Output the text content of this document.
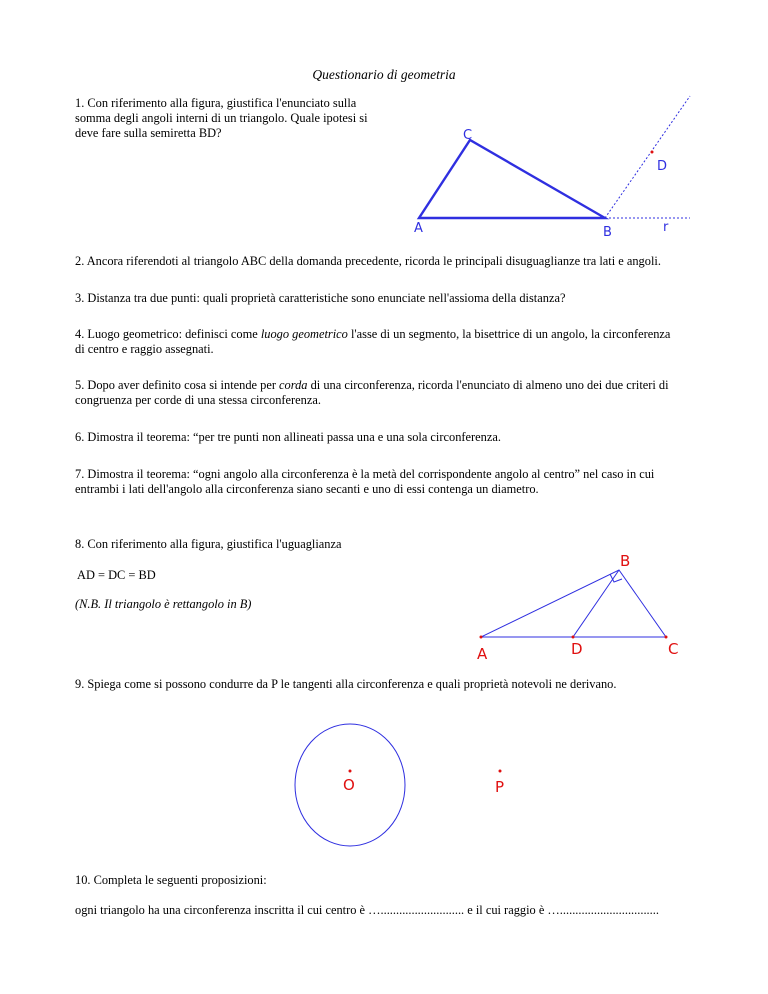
Questionario di geometria

1. Con riferimento alla figura, giustifica l'enunciato sulla

somma degli angoli interni di un triangolo. Quale ipotesi si

deve fare sulla semiretta BD?	C
D
A	B	r

2. Ancora riferendoti al triangolo ABC della domanda precedente, ricorda le principali disuguaglianze tra lati e angoli.

3. Distanza tra due punti: quali proprietà caratteristiche sono enunciate nell'assioma della distanza?

4. Luogo geometrico: definisci come luogo geometrico l'asse di un segmento, la bisettrice di un angolo, la circonferenza

di centro e raggio assegnati.

5. Dopo aver definito cosa si intende per corda di una circonferenza, ricorda l'enunciato di almeno uno dei due criteri di

congruenza per corde di una stessa circonferenza.

6. Dimostra il teorema: “per tre punti non allineati passa una e una sola circonferenza.

7. Dimostra il teorema: “ogni angolo alla circonferenza è la metà del corrispondente angolo al centro” nel caso in cui

entrambi i lati dell'angolo alla circonferenza siano secanti e uno di essi contenga un diametro.

8. Con riferimento alla figura, giustifica l'uguaglianza

AD = DC = BD

(N.B. Il triangolo è rettangolo in B)

B
A	D	C

9. Spiega come si possono condurre da P le tangenti alla circonferenza e quali proprietà notevoli ne derivano.

O	P

10. Completa le seguenti proposizioni:

ogni triangolo ha una circonferenza inscritta il cui centro è …........................... e il cui raggio è …................................
